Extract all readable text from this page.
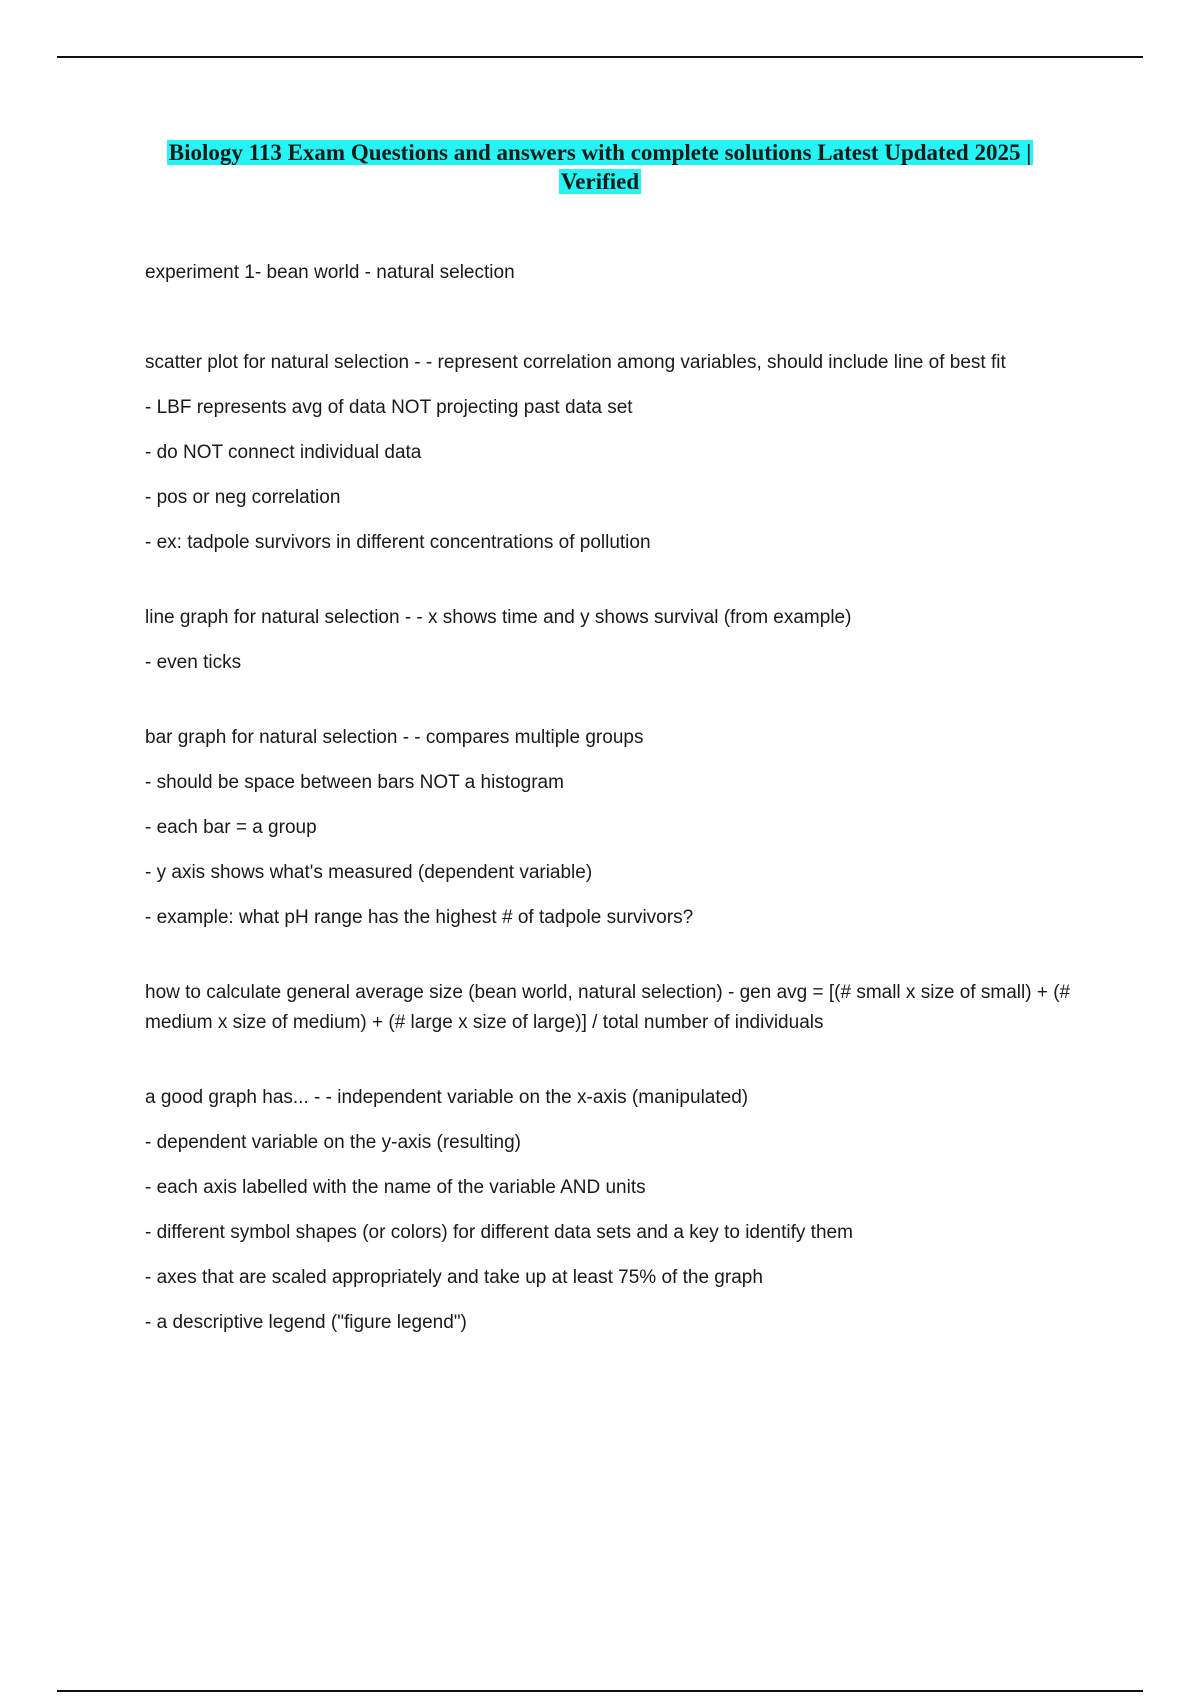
Biology 113 Exam Questions and answers with complete solutions Latest Updated 2025 |
Verified
experiment 1- bean world - natural selection
scatter plot for natural selection - - represent correlation among variables, should include line of best fit
- LBF represents avg of data NOT projecting past data set
- do NOT connect individual data
- pos or neg correlation
- ex: tadpole survivors in different concentrations of pollution
line graph for natural selection - - x shows time and y shows survival (from example)
- even ticks
bar graph for natural selection - - compares multiple groups
- should be space between bars NOT a histogram
- each bar = a group
- y axis shows what's measured (dependent variable)
- example: what pH range has the highest # of tadpole survivors?
how to calculate general average size (bean world, natural selection) - gen avg = [(# small x size of small) + (# medium x size of medium) + (# large x size of large)] / total number of individuals
a good graph has... - - independent variable on the x-axis (manipulated)
- dependent variable on the y-axis (resulting)
- each axis labelled with the name of the variable AND units
- different symbol shapes (or colors) for different data sets and a key to identify them
- axes that are scaled appropriately and take up at least 75% of the graph
- a descriptive legend ("figure legend")
